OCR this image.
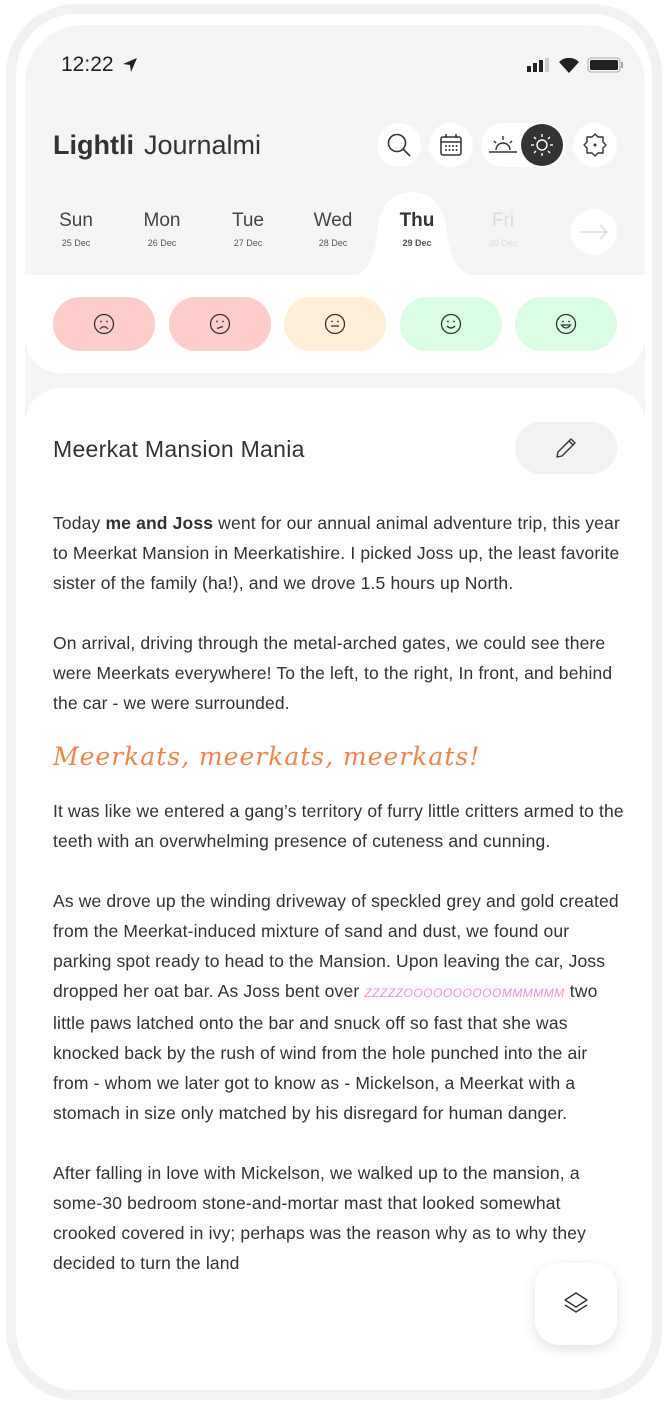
12:22
Lightli Journalmi
Sun
25 Dec
Mon
26 Dec
Tue
27 Dec
Wed
28 Dec
Thu
29 Dec
Fri
30 Dec
Meerkat Mansion Mania

Today me and Joss went for our annual animal adventure trip, this year to Meerkat Mansion in Meerkatishire. I picked Joss up, the least favorite sister of the family (ha!), and we drove 1.5 hours up North.

On arrival, driving through the metal-arched gates, we could see there were Meerkats everywhere! To the left, to the right, In front, and behind the car - we were surrounded.

Meerkats, meerkats, meerkats!

It was like we entered a gang’s territory of furry little critters armed to the teeth with an overwhelming presence of cuteness and cunning.

As we drove up the winding driveway of speckled grey and gold created from the Meerkat-induced mixture of sand and dust, we found our parking spot ready to head to the Mansion. Upon leaving the car, Joss dropped her oat bar. As Joss bent over ZZZZZOOOOOOOOOOMMMMMM two little paws latched onto the bar and snuck off so fast that she was knocked back by the rush of wind from the hole punched into the air from - whom we later got to know as - Mickelson, a Meerkat with a stomach in size only matched by his disregard for human danger.

After falling in love with Mickelson, we walked up to the mansion, a some-30 bedroom stone-and-mortar mast that looked somewhat crooked covered in ivy; perhaps was the reason why as to why they decided to turn the land
